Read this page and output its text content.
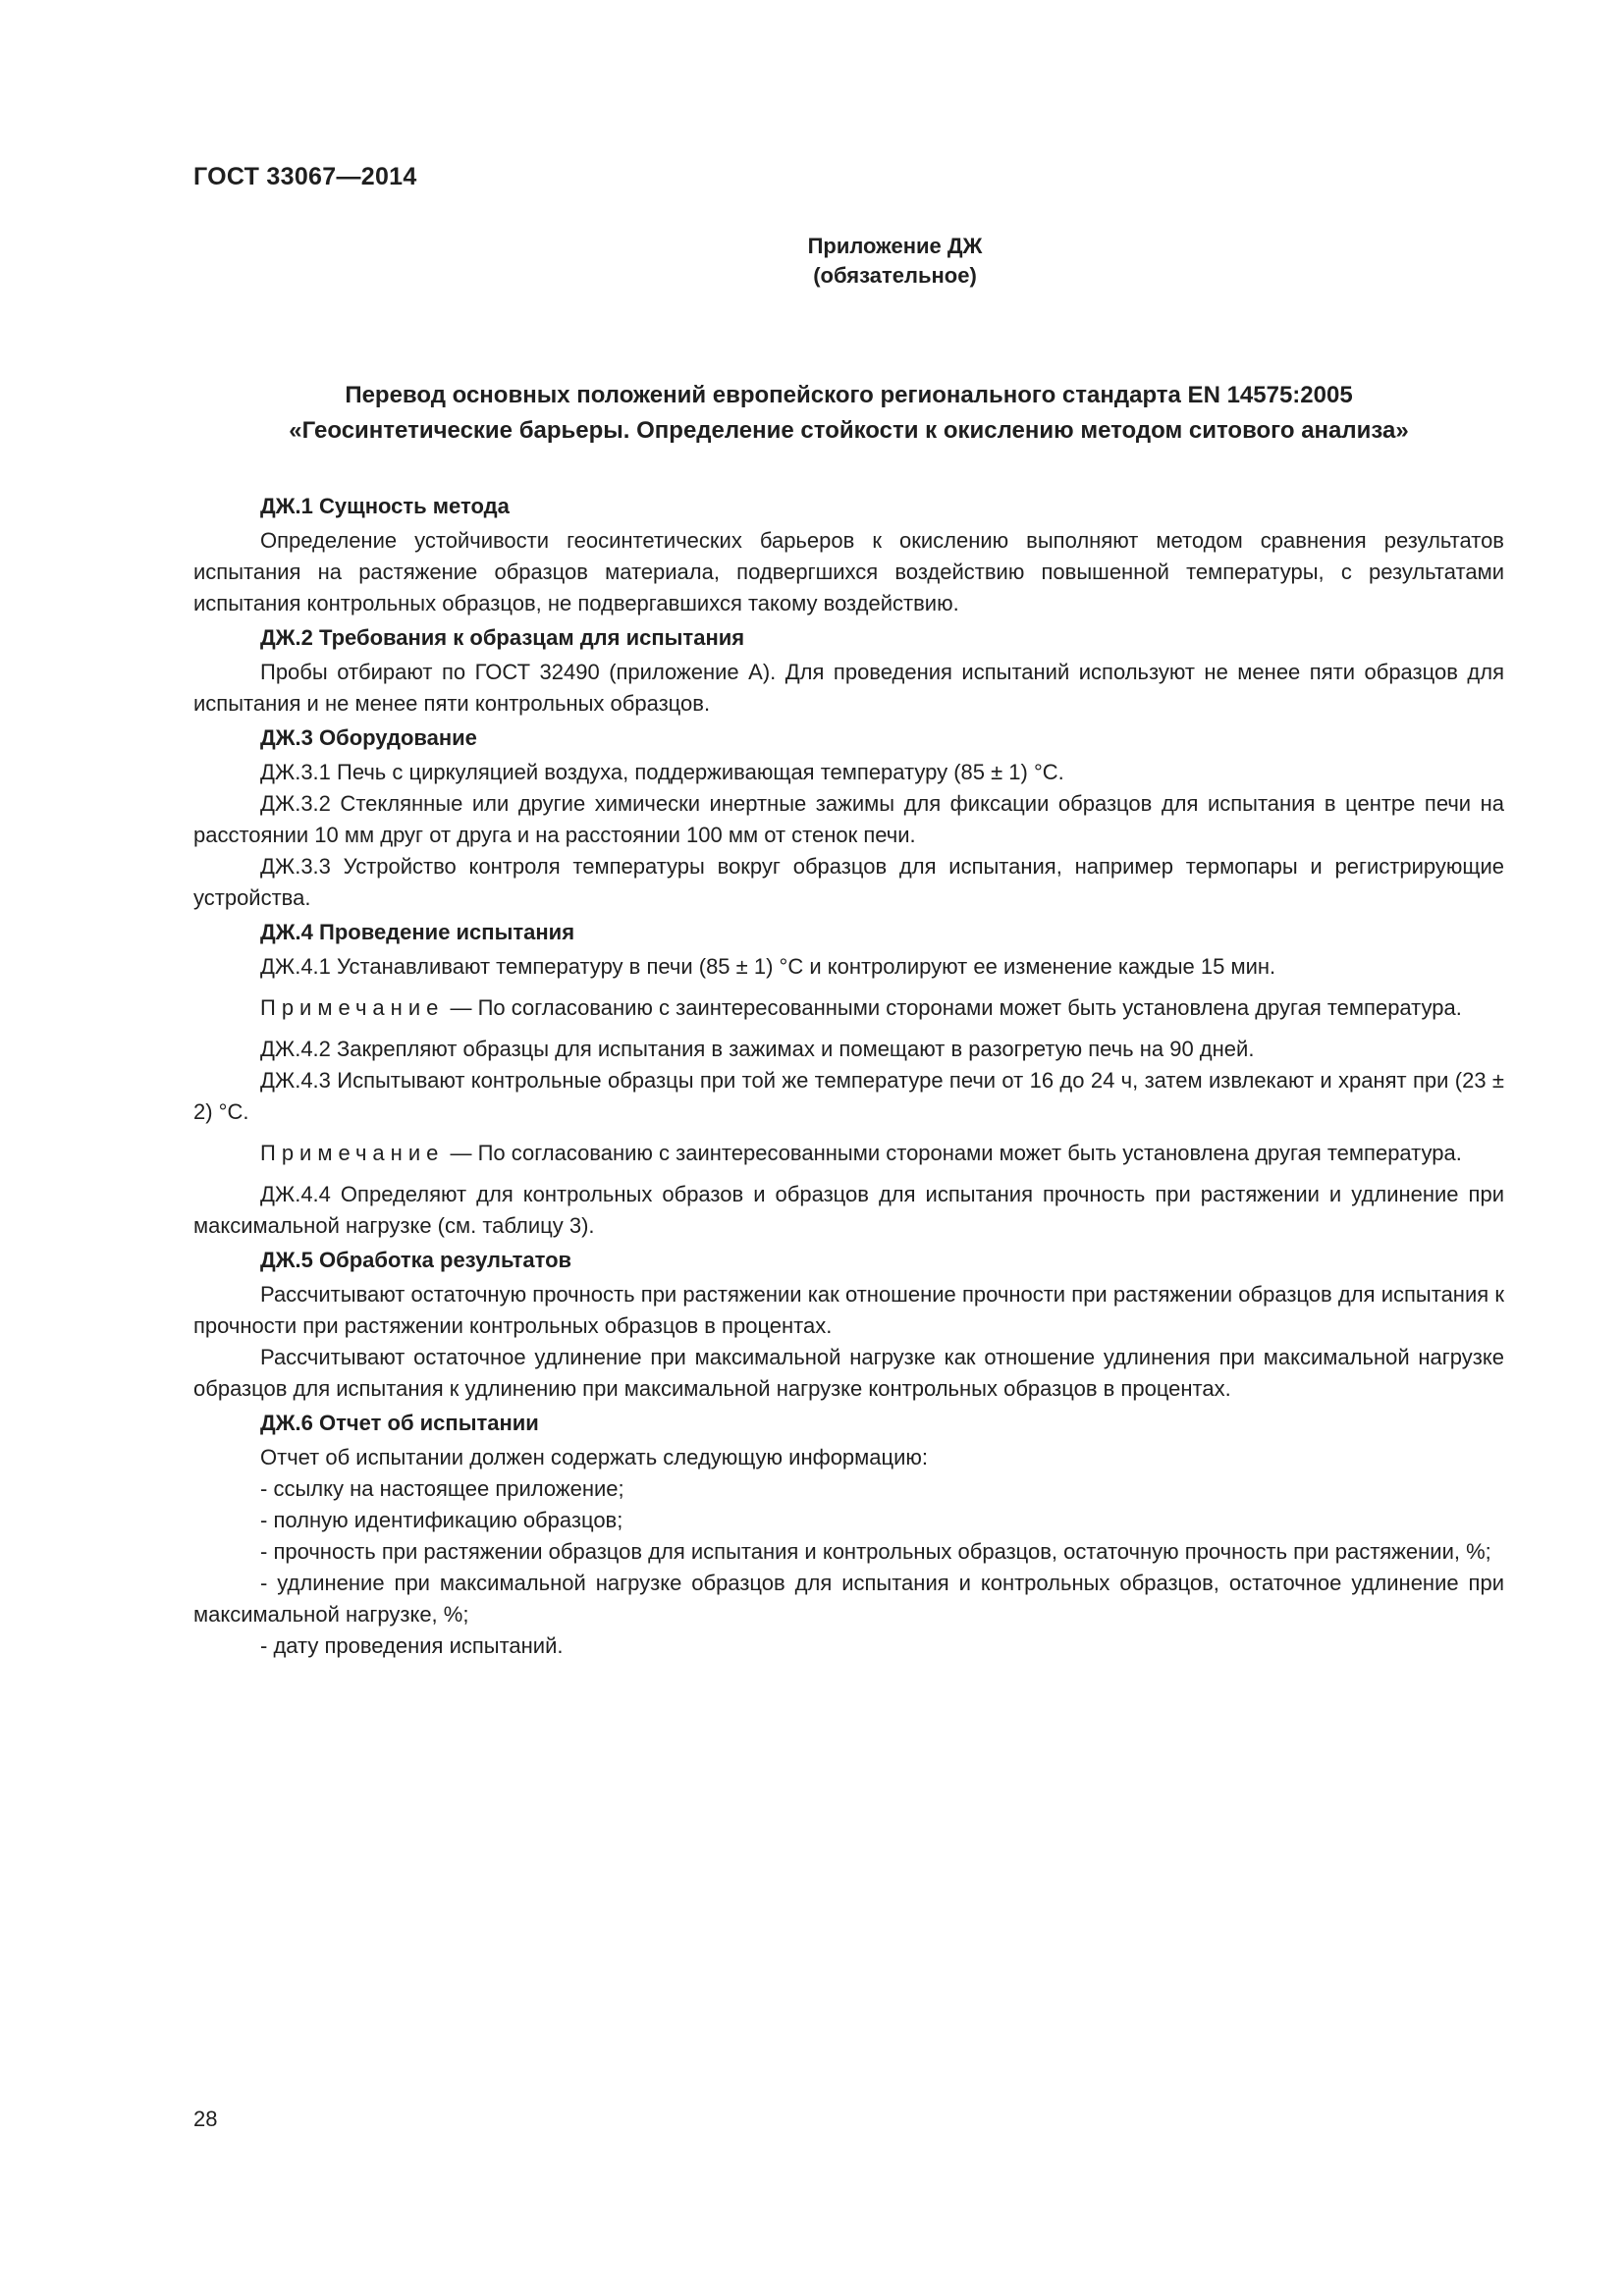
ГОСТ 33067—2014
Приложение ДЖ
(обязательное)
Перевод основных положений европейского регионального стандарта EN 14575:2005
«Геосинтетические барьеры. Определение стойкости к окислению методом ситового анализа»

ДЖ.1 Сущность метода

Определение устойчивости геосинтетических барьеров к окислению выполняют методом сравнения результатов испытания на растяжение образцов материала, подвергшихся воздействию повышенной температуры, с результатами испытания контрольных образцов, не подвергавшихся такому воздействию.

ДЖ.2 Требования к образцам для испытания

Пробы отбирают по ГОСТ 32490 (приложение А). Для проведения испытаний используют не менее пяти образцов для испытания и не менее пяти контрольных образцов.

ДЖ.3 Оборудование

ДЖ.3.1 Печь с циркуляцией воздуха, поддерживающая температуру (85 ± 1) °С.

ДЖ.3.2 Стеклянные или другие химически инертные зажимы для фиксации образцов для испытания в центре печи на расстоянии 10 мм друг от друга и на расстоянии 100 мм от стенок печи.

ДЖ.3.3 Устройство контроля температуры вокруг образцов для испытания, например термопары и регистрирующие устройства.

ДЖ.4 Проведение испытания

ДЖ.4.1 Устанавливают температуру в печи (85 ± 1) °С и контролируют ее изменение каждые 15 мин.

Примечание — По согласованию с заинтересованными сторонами может быть установлена другая температура.

ДЖ.4.2 Закрепляют образцы для испытания в зажимах и помещают в разогретую печь на 90 дней.

ДЖ.4.3 Испытывают контрольные образцы при той же температуре печи от 16 до 24 ч, затем извлекают и хранят при (23 ± 2) °С.

Примечание — По согласованию с заинтересованными сторонами может быть установлена другая температура.

ДЖ.4.4 Определяют для контрольных образов и образцов для испытания прочность при растяжении и удлинение при максимальной нагрузке (см. таблицу 3).

ДЖ.5 Обработка результатов

Рассчитывают остаточную прочность при растяжении как отношение прочности при растяжении образцов для испытания к прочности при растяжении контрольных образцов в процентах.

Рассчитывают остаточное удлинение при максимальной нагрузке как отношение удлинения при максимальной нагрузке образцов для испытания к удлинению при максимальной нагрузке контрольных образцов в процентах.

ДЖ.6 Отчет об испытании

Отчет об испытании должен содержать следующую информацию:

- ссылку на настоящее приложение;

- полную идентификацию образцов;

- прочность при растяжении образцов для испытания и контрольных образцов, остаточную прочность при растяжении, %;

- удлинение при максимальной нагрузке образцов для испытания и контрольных образцов, остаточное удлинение при максимальной нагрузке, %;

- дату проведения испытаний.

28
